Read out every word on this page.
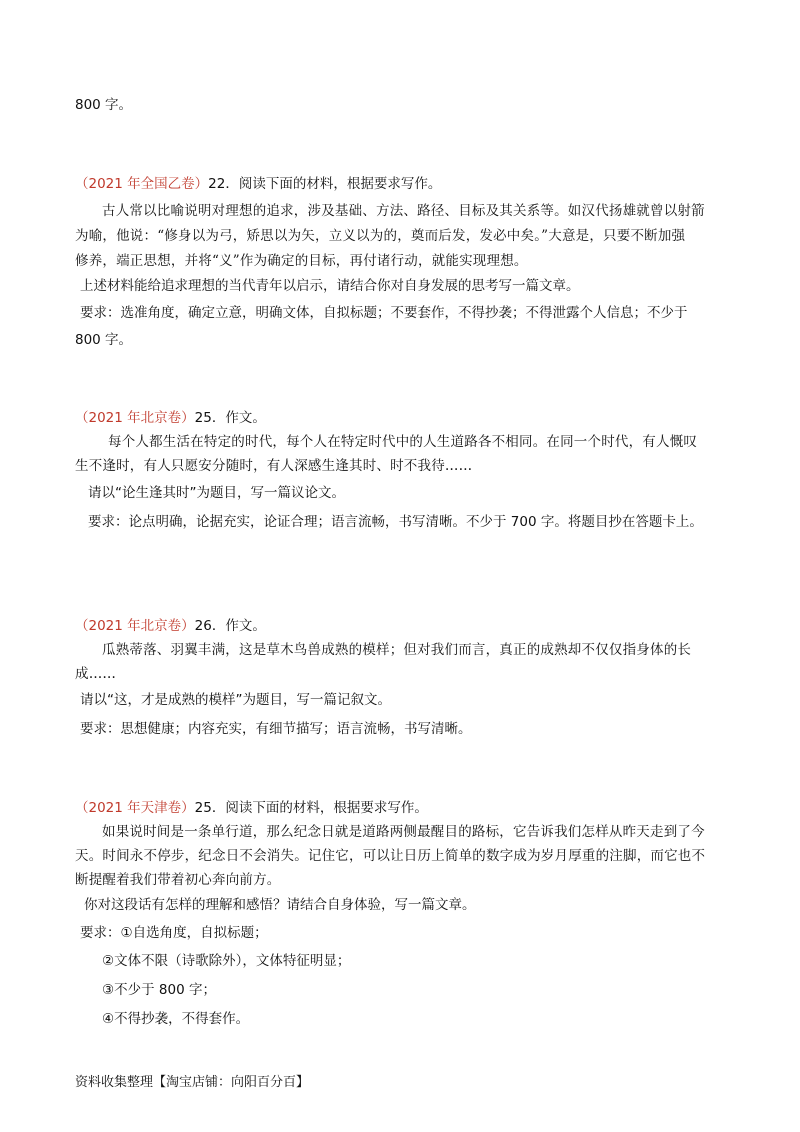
800 字。
（2021 年全国乙卷）22．阅读下面的材料，根据要求写作。
古人常以比喻说明对理想的追求，涉及基础、方法、路径、目标及其关系等。如汉代扬雄就曾以射箭
为喻，他说：“修身以为弓，矫思以为矢，立义以为的，奠而后发，发必中矣。”大意是，只要不断加强
修养，端正思想，并将“义”作为确定的目标，再付诸行动，就能实现理想。
上述材料能给追求理想的当代青年以启示，请结合你对自身发展的思考写一篇文章。
要求：选准角度，确定立意，明确文体，自拟标题；不要套作，不得抄袭；不得泄露个人信息；不少于
800 字。
（2021 年北京卷）25．作文。
每个人都生活在特定的时代，每个人在特定时代中的人生道路各不相同。在同一个时代，有人慨叹
生不逢时，有人只愿安分随时，有人深感生逢其时、时不我待……
请以“论生逢其时”为题目，写一篇议论文。
要求：论点明确，论据充实，论证合理；语言流畅，书写清晰。不少于 700 字。将题目抄在答题卡上。
（2021 年北京卷）26．作文。
瓜熟蒂落、羽翼丰满，这是草木鸟兽成熟的模样；但对我们而言，真正的成熟却不仅仅指身体的长
成……
请以“这，才是成熟的模样”为题目，写一篇记叙文。
要求：思想健康；内容充实，有细节描写；语言流畅，书写清晰。
（2021 年天津卷）25．阅读下面的材料，根据要求写作。
如果说时间是一条单行道，那么纪念日就是道路两侧最醒目的路标，它告诉我们怎样从昨天走到了今
天。时间永不停步，纪念日不会消失。记住它，可以让日历上简单的数字成为岁月厚重的注脚，而它也不
断提醒着我们带着初心奔向前方。
你对这段话有怎样的理解和感悟？请结合自身体验，写一篇文章。
要求：①自选角度，自拟标题；
②文体不限（诗歌除外），文体特征明显；
③不少于 800 字；
④不得抄袭，不得套作。
资料收集整理【淘宝店铺：向阳百分百】
